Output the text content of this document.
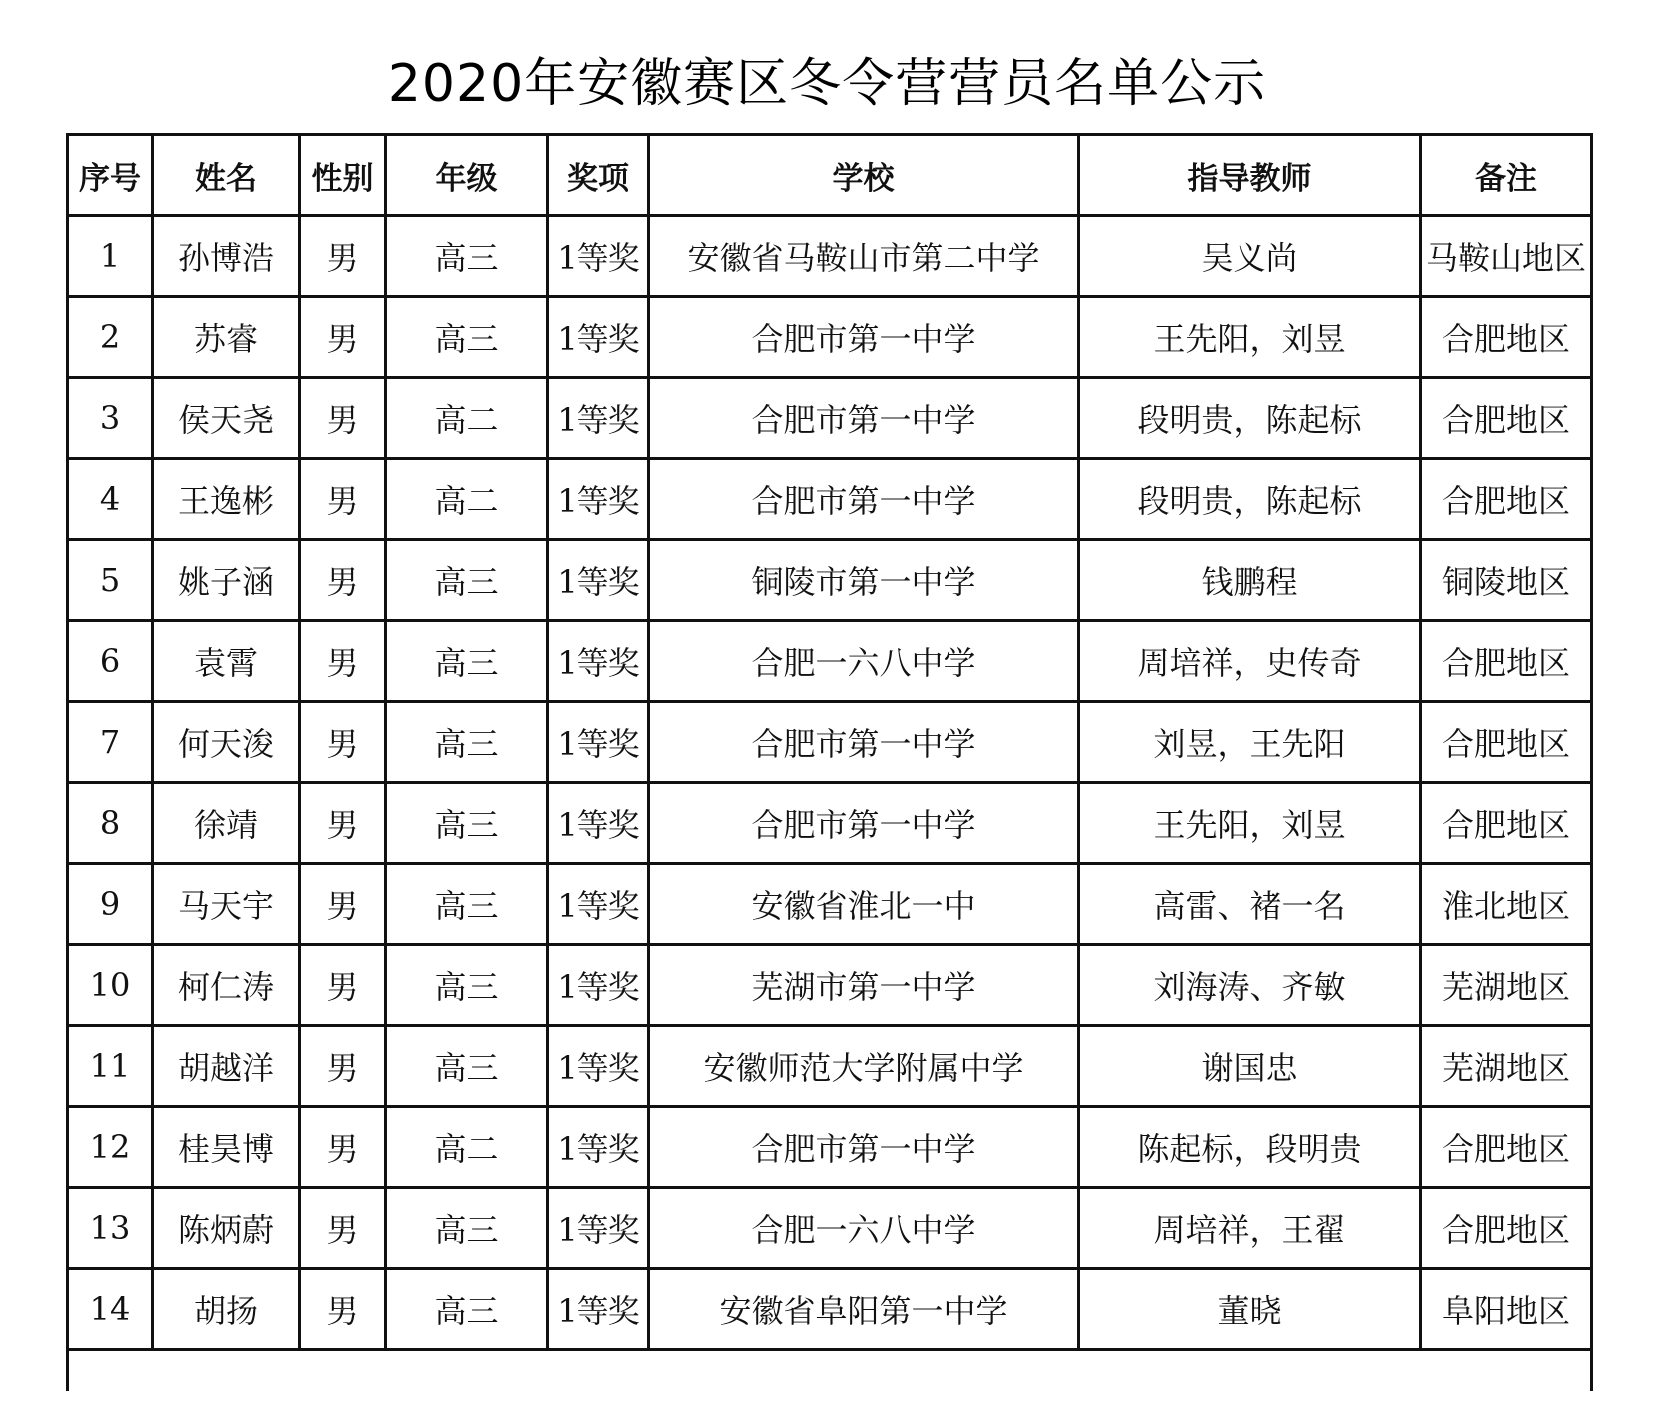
2020年安徽赛区冬令营营员名单公示
序号	姓名	性别	年级	奖项	学校	指导教师	备注
1	孙博浩	男	高三	1等奖	安徽省马鞍山市第二中学	吴义尚	马鞍山地区
2	苏睿	男	高三	1等奖	合肥市第一中学	王先阳，刘昱	合肥地区
3	侯天尧	男	高二	1等奖	合肥市第一中学	段明贵，陈起标	合肥地区
4	王逸彬	男	高二	1等奖	合肥市第一中学	段明贵，陈起标	合肥地区
5	姚子涵	男	高三	1等奖	铜陵市第一中学	钱鹏程	铜陵地区
6	袁霄	男	高三	1等奖	合肥一六八中学	周培祥，史传奇	合肥地区
7	何天浚	男	高三	1等奖	合肥市第一中学	刘昱，王先阳	合肥地区
8	徐靖	男	高三	1等奖	合肥市第一中学	王先阳，刘昱	合肥地区
9	马天宇	男	高三	1等奖	安徽省淮北一中	高雷、褚一名	淮北地区
10	柯仁涛	男	高三	1等奖	芜湖市第一中学	刘海涛、齐敏	芜湖地区
11	胡越洋	男	高三	1等奖	安徽师范大学附属中学	谢国忠	芜湖地区
12	桂昊博	男	高二	1等奖	合肥市第一中学	陈起标，段明贵	合肥地区
13	陈炳蔚	男	高三	1等奖	合肥一六八中学	周培祥，王翟	合肥地区
14	胡扬	男	高三	1等奖	安徽省阜阳第一中学	董晓	阜阳地区
